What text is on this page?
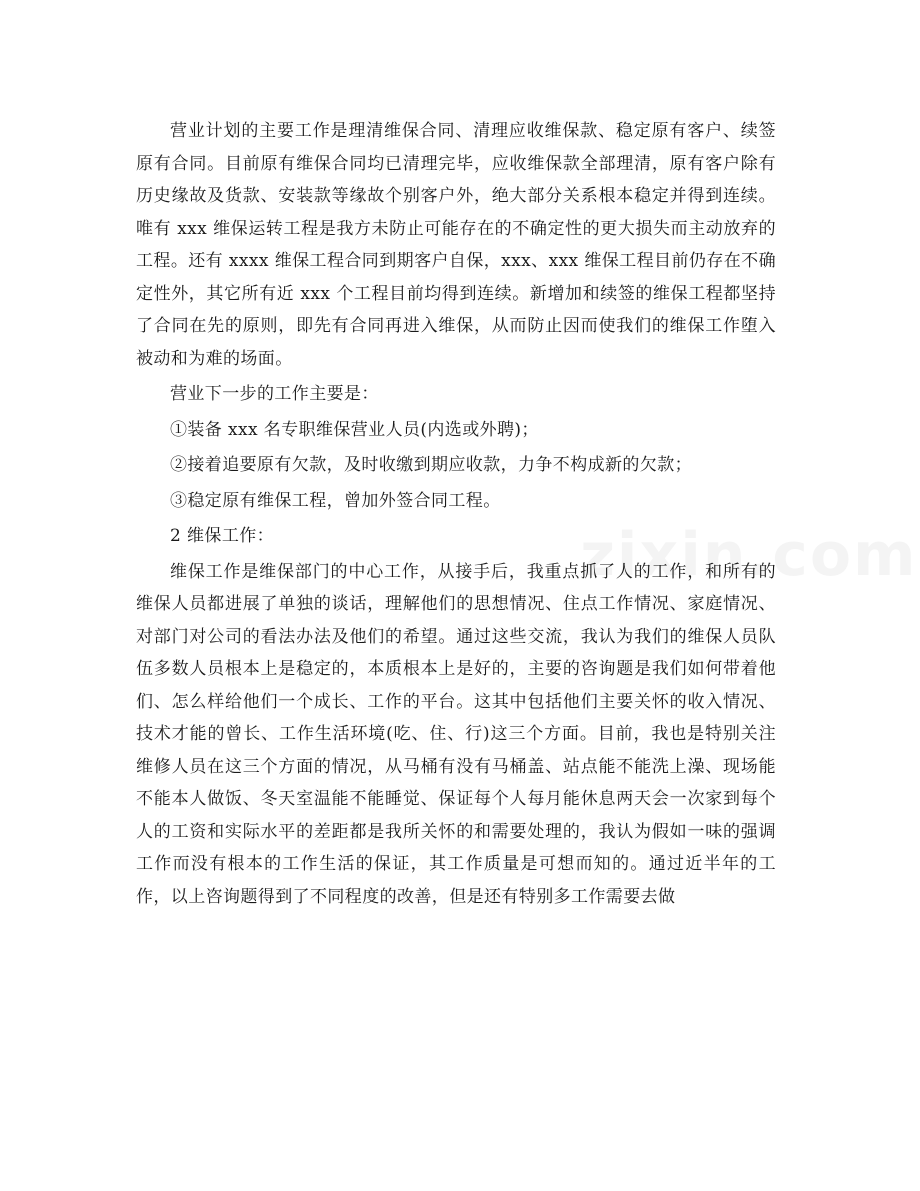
营业计划的主要工作是理清维保合同、清理应收维保款、稳定原有客户、续签原有合同。目前原有维保合同均已清理完毕，应收维保款全部理清，原有客户除有历史缘故及货款、安装款等缘故个别客户外，绝大部分关系根本稳定并得到连续。唯有 xxx 维保运转工程是我方未防止可能存在的不确定性的更大损失而主动放弃的工程。还有 xxxx 维保工程合同到期客户自保，xxx、xxx 维保工程目前仍存在不确定性外，其它所有近 xxx 个工程目前均得到连续。新增加和续签的维保工程都坚持了合同在先的原则，即先有合同再进入维保，从而防止因而使我们的维保工作堕入被动和为难的场面。

营业下一步的工作主要是：

①装备 xxx 名专职维保营业人员(内选或外聘)；

②接着追要原有欠款，及时收缴到期应收款，力争不构成新的欠款；

③稳定原有维保工程，曾加外签合同工程。

2 维保工作：

维保工作是维保部门的中心工作，从接手后，我重点抓了人的工作，和所有的维保人员都进展了单独的谈话，理解他们的思想情况、住点工作情况、家庭情况、对部门对公司的看法办法及他们的希望。通过这些交流，我认为我们的维保人员队伍多数人员根本上是稳定的，本质根本上是好的，主要的咨询题是我们如何带着他们、怎么样给他们一个成长、工作的平台。这其中包括他们主要关怀的收入情况、技术才能的曾长、工作生活环境(吃、住、行)这三个方面。目前，我也是特别关注维修人员在这三个方面的情况，从马桶有没有马桶盖、站点能不能洗上澡、现场能不能本人做饭、冬天室温能不能睡觉、保证每个人每月能休息两天会一次家到每个人的工资和实际水平的差距都是我所关怀的和需要处理的，我认为假如一味的强调工作而没有根本的工作生活的保证，其工作质量是可想而知的。通过近半年的工作，以上咨询题得到了不同程度的改善，但是还有特别多工作需要去做
